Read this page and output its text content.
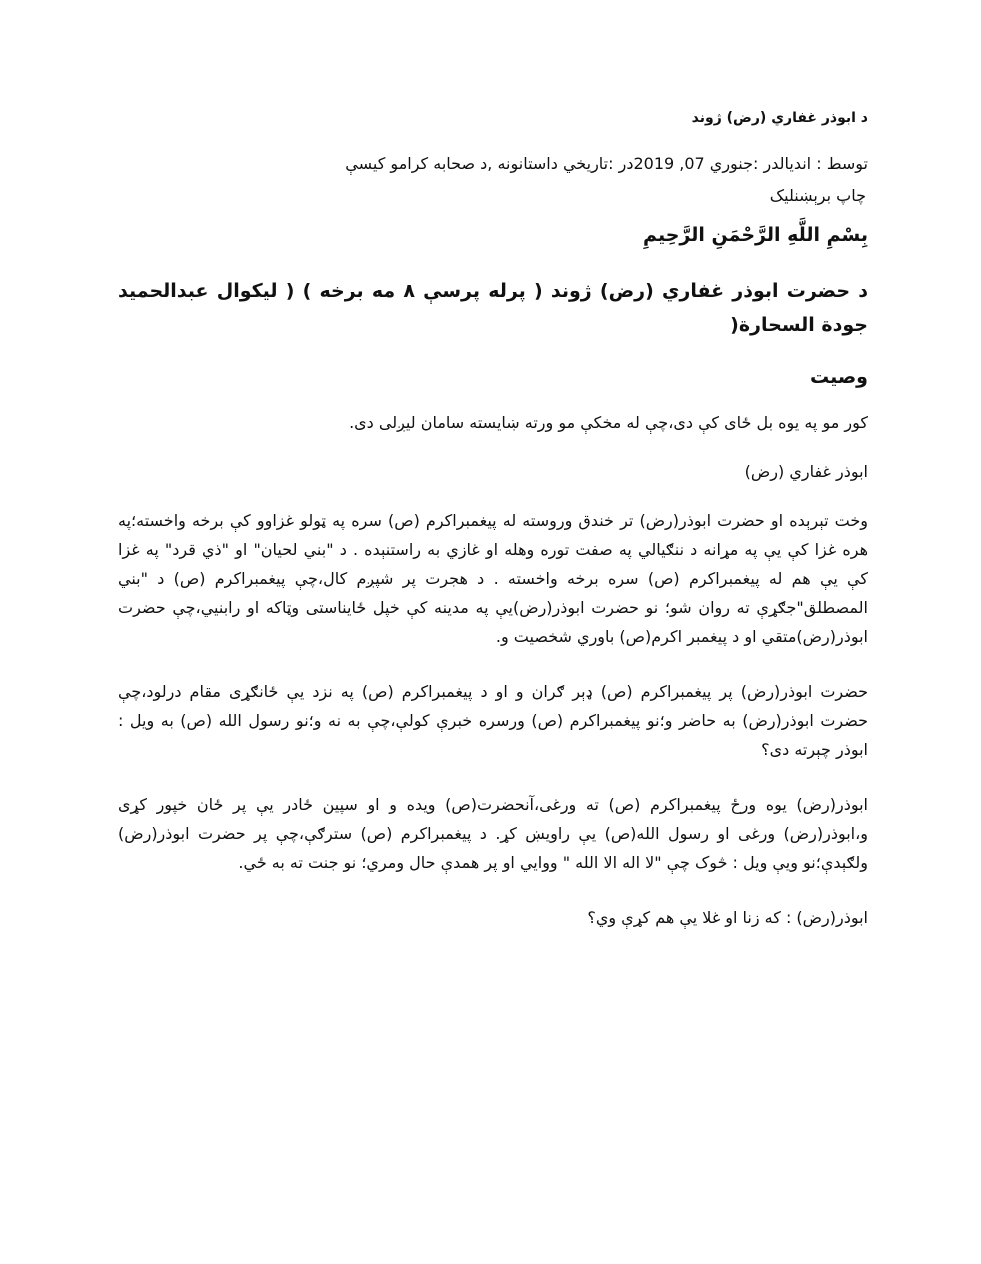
د ابوذر غفاري (رض) ژوند
توسط : اندیالدر :جنوري 07, 2019در :تاريخي داستانونه ,د صحابه کرامو کيسې
چاپ برېښنلیک
بِسْمِ اللَّهِ الرَّحْمَنِ الرَّحِيمِ
د حضرت ابوذر غفاري (رض) ژوند ( پرله پرسې ۸ مه برخه ) ( ليکوال عبدالحميد جودة السحارة(
وصیت

کور مو په یوه بل ځای کې دی،چې له مخکې مو ورته ښایسته سامان لیږلی دی.

ابوذر غفاري (رض)

وخت تېرېده او حضرت ابوذر(رض) تر خندق وروسته له پیغمبراکرم (ص) سره په ټولو غزاوو کې برخه واخسته؛په هره غزا کې یې په مړانه د ننګیالي په صفت توره وهله او غازي به راستنېده . د "بني لحيان" او "ذي قرد" په غزا کې یې هم له پیغمبراکرم (ص) سره برخه واخسته . د هجرت پر شپږم کال،چې پیغمبراکرم (ص) د "بني المصطلق"جګړې ته روان شو؛ نو حضرت ابوذر(رض)یې په مدینه کې خپل ځایناستی وټاکه او رابنيي،چې حضرت ابوذر(رض)متقي او د پیغمبر اکرم(ص) باوري شخصیت و.

حضرت ابوذر(رض) پر پیغمبراکرم (ص) ډېر ګران و او د پیغمبراکرم (ص) په نزد یې ځانګړی مقام درلود،چې حضرت ابوذر(رض) به حاضر و؛نو پیغمبراکرم (ص) ورسره خبرې کولې،چې به نه و؛نو رسول الله (ص) به ویل : ابوذر چېرته دی؟

ابوذر(رض) یوه ورځ پیغمبراکرم (ص) ته ورغی،آنحضرت(ص) ویده و او سپین ځادر یې پر ځان خپور کړی و،ابوذر(رض) ورغی او رسول الله(ص) یې راویښ کړ. د پیغمبراکرم (ص) سترګې،چې پر حضرت ابوذر(رض) ولګېدې؛نو ویې ویل : څوک چې "لا اله الا الله " ووايي او پر همدې حال ومري؛ نو جنت ته به ځي.

ابوذر(رض) : که زنا او غلا یې هم کړې وي؟
